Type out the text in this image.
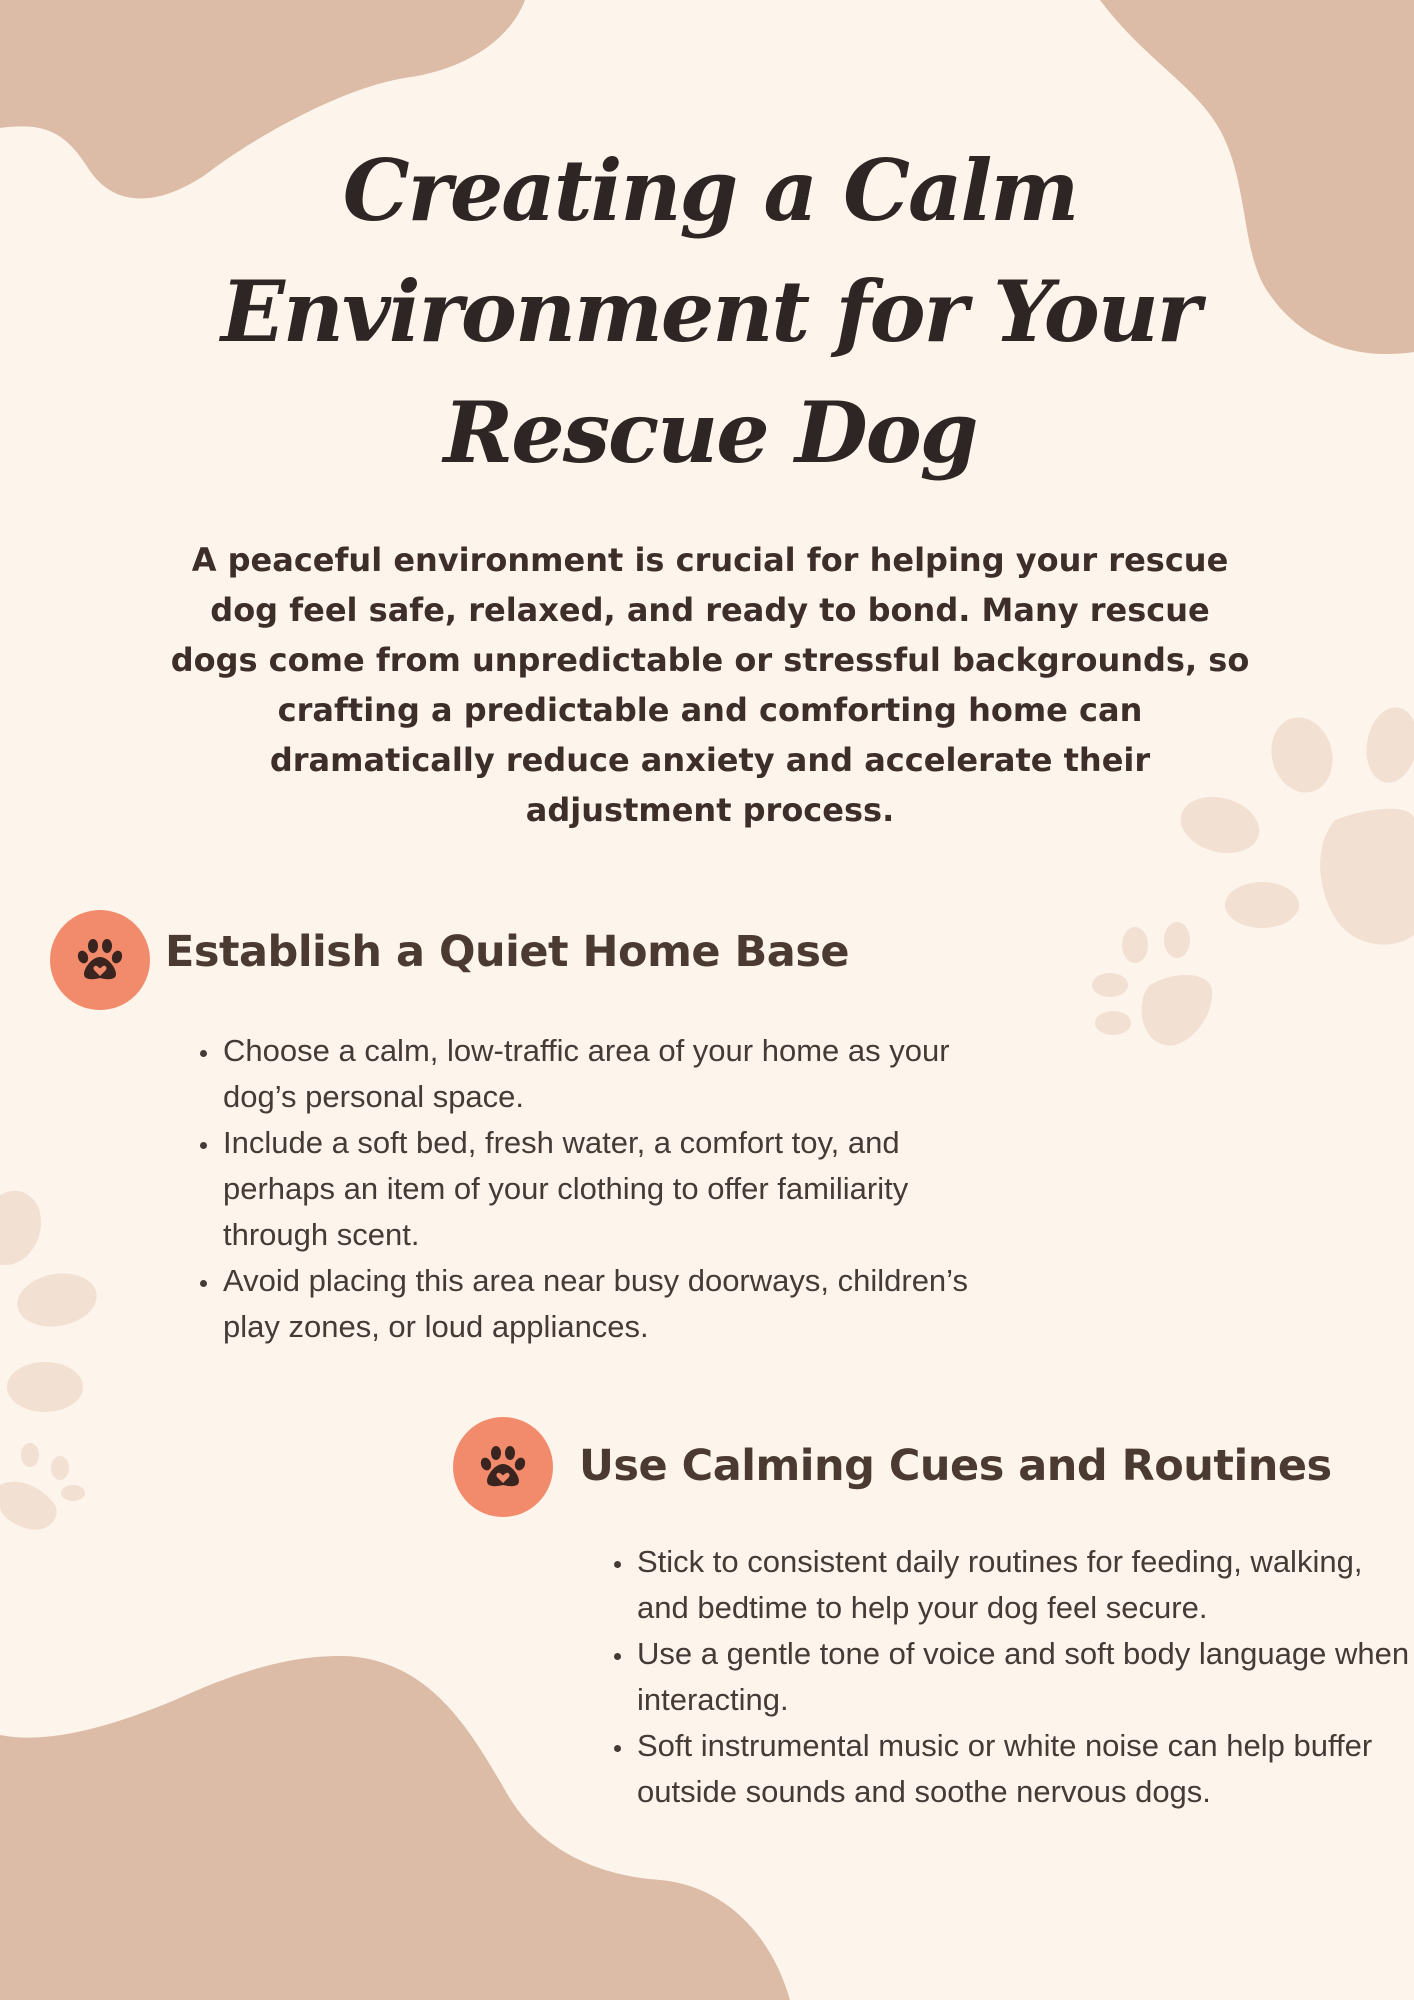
Creating a Calm Environment for Your Rescue Dog

A peaceful environment is crucial for helping your rescue dog feel safe, relaxed, and ready to bond. Many rescue dogs come from unpredictable or stressful backgrounds, so crafting a predictable and comforting home can dramatically reduce anxiety and accelerate their adjustment process.

Establish a Quiet Home Base
• Choose a calm, low-traffic area of your home as your dog’s personal space.
• Include a soft bed, fresh water, a comfort toy, and perhaps an item of your clothing to offer familiarity through scent.
• Avoid placing this area near busy doorways, children’s play zones, or loud appliances.
Use Calming Cues and Routines
• Stick to consistent daily routines for feeding, walking, and bedtime to help your dog feel secure.
• Use a gentle tone of voice and soft body language when interacting.
• Soft instrumental music or white noise can help buffer outside sounds and soothe nervous dogs.
